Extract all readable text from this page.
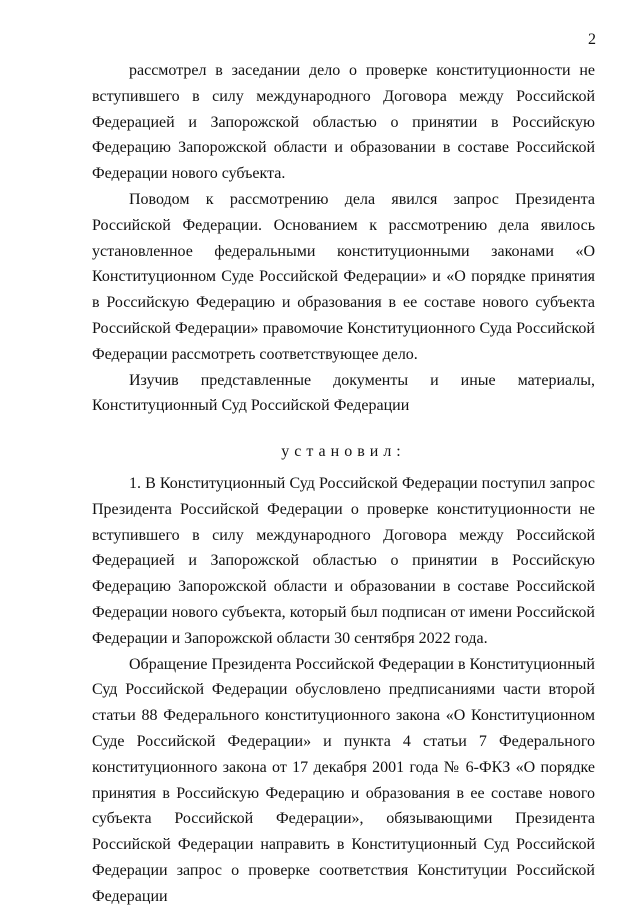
2

рассмотрел в заседании дело о проверке конституционности не вступившего в силу международного Договора между Российской Федерацией и Запорожской областью о принятии в Российскую Федерацию Запорожской области и образовании в составе Российской Федерации нового субъекта.

Поводом к рассмотрению дела явился запрос Президента Российской Федерации. Основанием к рассмотрению дела явилось установленное федеральными конституционными законами «О Конституционном Суде Российской Федерации» и «О порядке принятия в Российскую Федерацию и образования в ее составе нового субъекта Российской Федерации» правомочие Конституционного Суда Российской Федерации рассмотреть соответствующее дело.

Изучив представленные документы и иные материалы, Конституционный Суд Российской Федерации

установил:

1. В Конституционный Суд Российской Федерации поступил запрос Президента Российской Федерации о проверке конституционности не вступившего в силу международного Договора между Российской Федерацией и Запорожской областью о принятии в Российскую Федерацию Запорожской области и образовании в составе Российской Федерации нового субъекта, который был подписан от имени Российской Федерации и Запорожской области 30 сентября 2022 года.

Обращение Президента Российской Федерации в Конституционный Суд Российской Федерации обусловлено предписаниями части второй статьи 88 Федерального конституционного закона «О Конституционном Суде Российской Федерации» и пункта 4 статьи 7 Федерального конституционного закона от 17 декабря 2001 года № 6-ФКЗ «О порядке принятия в Российскую Федерацию и образования в ее составе нового субъекта Российской Федерации», обязывающими Президента Российской Федерации направить в Конституционный Суд Российской Федерации запрос о проверке соответствия Конституции Российской Федерации
